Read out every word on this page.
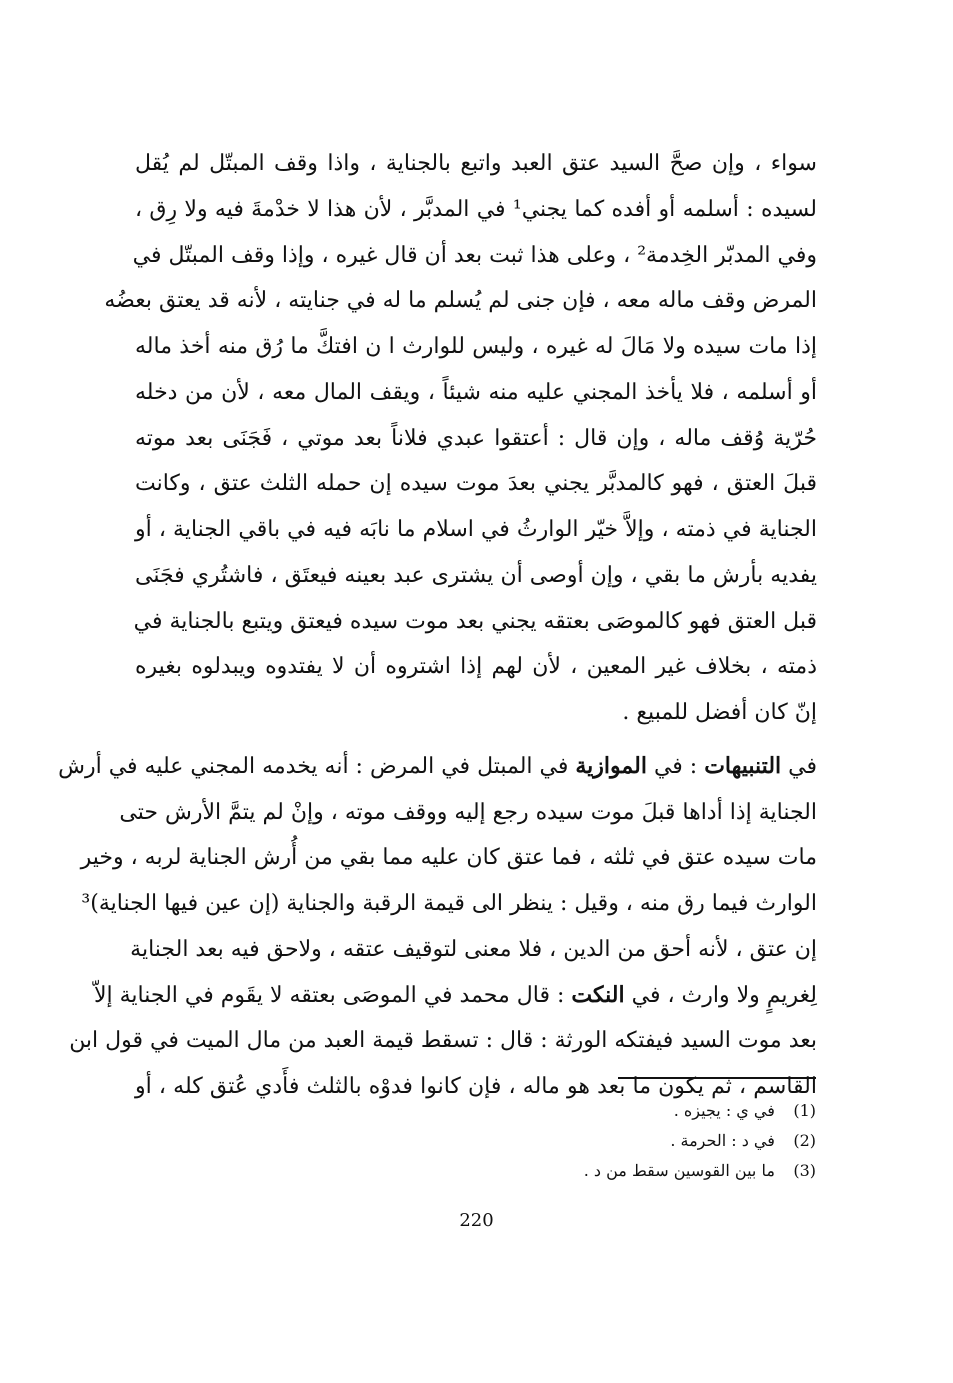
سواء ، وإن صحَّ السيد عتق العبد واتبع بالجناية ، واذا وقف المبتّل لم يُقل
لسيده : أسلمه أو أفده كما يجني¹ في المدبَّر ، لأن هذا لا خدْمةَ فيه ولا رِق ،
وفي المدبّر الخِدمة² ، وعلى هذا ثبت بعد أن قال غيره ، وإذا وقف المبتّل في
المرض وقف ماله معه ، فإن جنى لم يُسلم ما له في جنايته ، لأنه قد يعتق بعضُه
إذا مات سيده ولا مَالَ له غيره ، وليس للوارث ا ن افتكَّ ما رُق منه أخذ ماله
أو أسلمه ، فلا يأخذ المجني عليه منه شيئاً ، ويقف المال معه ، لأن من دخله
حُرّية وُقف ماله ، وإن قال : أعتقوا عبدي فلاناً بعد موتي ، فَجَنَى بعد موته
قبلَ العتق ، فهو كالمدبَّر يجني بعدَ موت سيده إن حمله الثلث عتق ، وكانت
الجناية في ذمته ، وإلاَّ خيّر الوارثُ في اسلام ما نابَه فيه في باقي الجناية ، أو
يفديه بأرش ما بقي ، وإن أوصى أن يشترى عبد بعينه فيعتَق ، فاشتُري فجَنَى
قبل العتق فهو كالموصَى بعتقه يجني بعد موت سيده فيعتق ويتبع بالجناية في
ذمته ، بخلاف غير المعين ، لأن لهم إذا اشتروه أن لا يفتدوه ويبدلوه بغيره
إنّ كان أفضل للمبيع .
في التنبيهات : في الموازية في المبتل في المرض : أنه يخدمه المجني عليه في أرش
الجناية إذا أداها قبلَ موت سيده رجع إليه ووقف موته ، وإنْ لم يتمَّ الأرش حتى
مات سيده عتق في ثلثه ، فما عتق كان عليه مما بقي من أُرش الجناية لربه ، وخير
الوارث فيما رق منه ، وقيل : ينظر الى قيمة الرقبة والجناية (إن عين فيها الجناية)³
إن عتق ، لأنه أحق من الدين ، فلا معنى لتوقيف عتقه ، ولاحق فيه بعد الجناية
لِغريمٍ ولا وارث ، في النكت : قال محمد في الموصَى بعتقه لا يقَوم في الجناية إلاّ
بعد موت السيد فيفتكه الورثة : قال : تسقط قيمة العبد من مال الميت في قول ابن
القاسم ، ثم يكون ما بعد هو ماله ، فإن كانوا فدوْه بالثلث فأَدي عُتق كله ، أو
(1) في ي : يجيزه .
(2) في د : الحرمة .
(3) ما بين القوسين سقط من د .
220
